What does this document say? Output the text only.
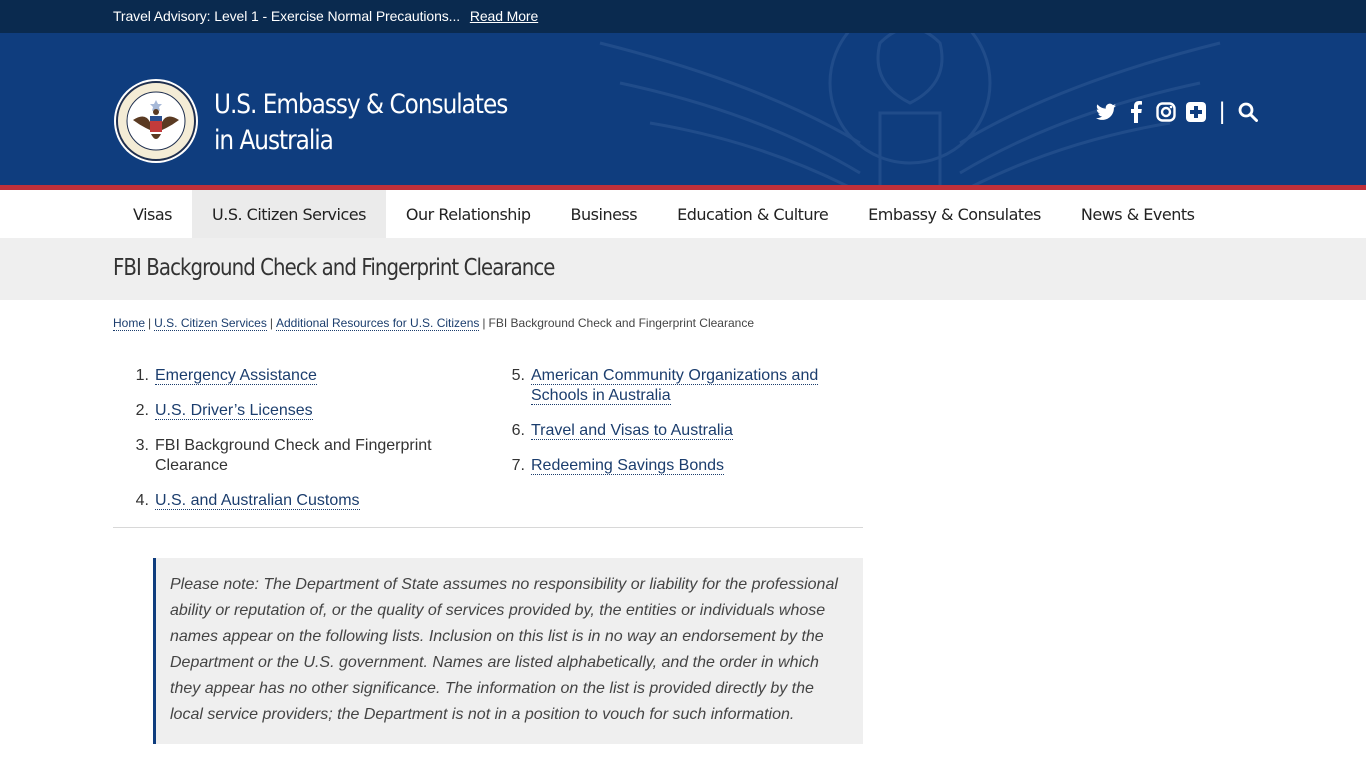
Travel Advisory: Level 1 - Exercise Normal Precautions... Read More
U.S. Embassy & Consulates
in Australia
|
Visas	U.S. Citizen Services	Our Relationship	Business	Education & Culture	Embassy & Consulates	News & Events
FBI Background Check and Fingerprint Clearance
Home | U.S. Citizen Services | Additional Resources for U.S. Citizens | FBI Background Check and Fingerprint Clearance
1. Emergency Assistance
2. U.S. Driver’s Licenses
3. FBI Background Check and Fingerprint Clearance
4. U.S. and Australian Customs
5. American Community Organizations and Schools in Australia
6. Travel and Visas to Australia
7. Redeeming Savings Bonds

Please note: The Department of State assumes no responsibility or liability for the professional ability or reputation of, or the quality of services provided by, the entities or individuals whose names appear on the following lists. Inclusion on this list is in no way an endorsement by the Department or the U.S. government. Names are listed alphabetically, and the order in which they appear has no other significance. The information on the list is provided directly by the local service providers; the Department is not in a position to vouch for such information.
